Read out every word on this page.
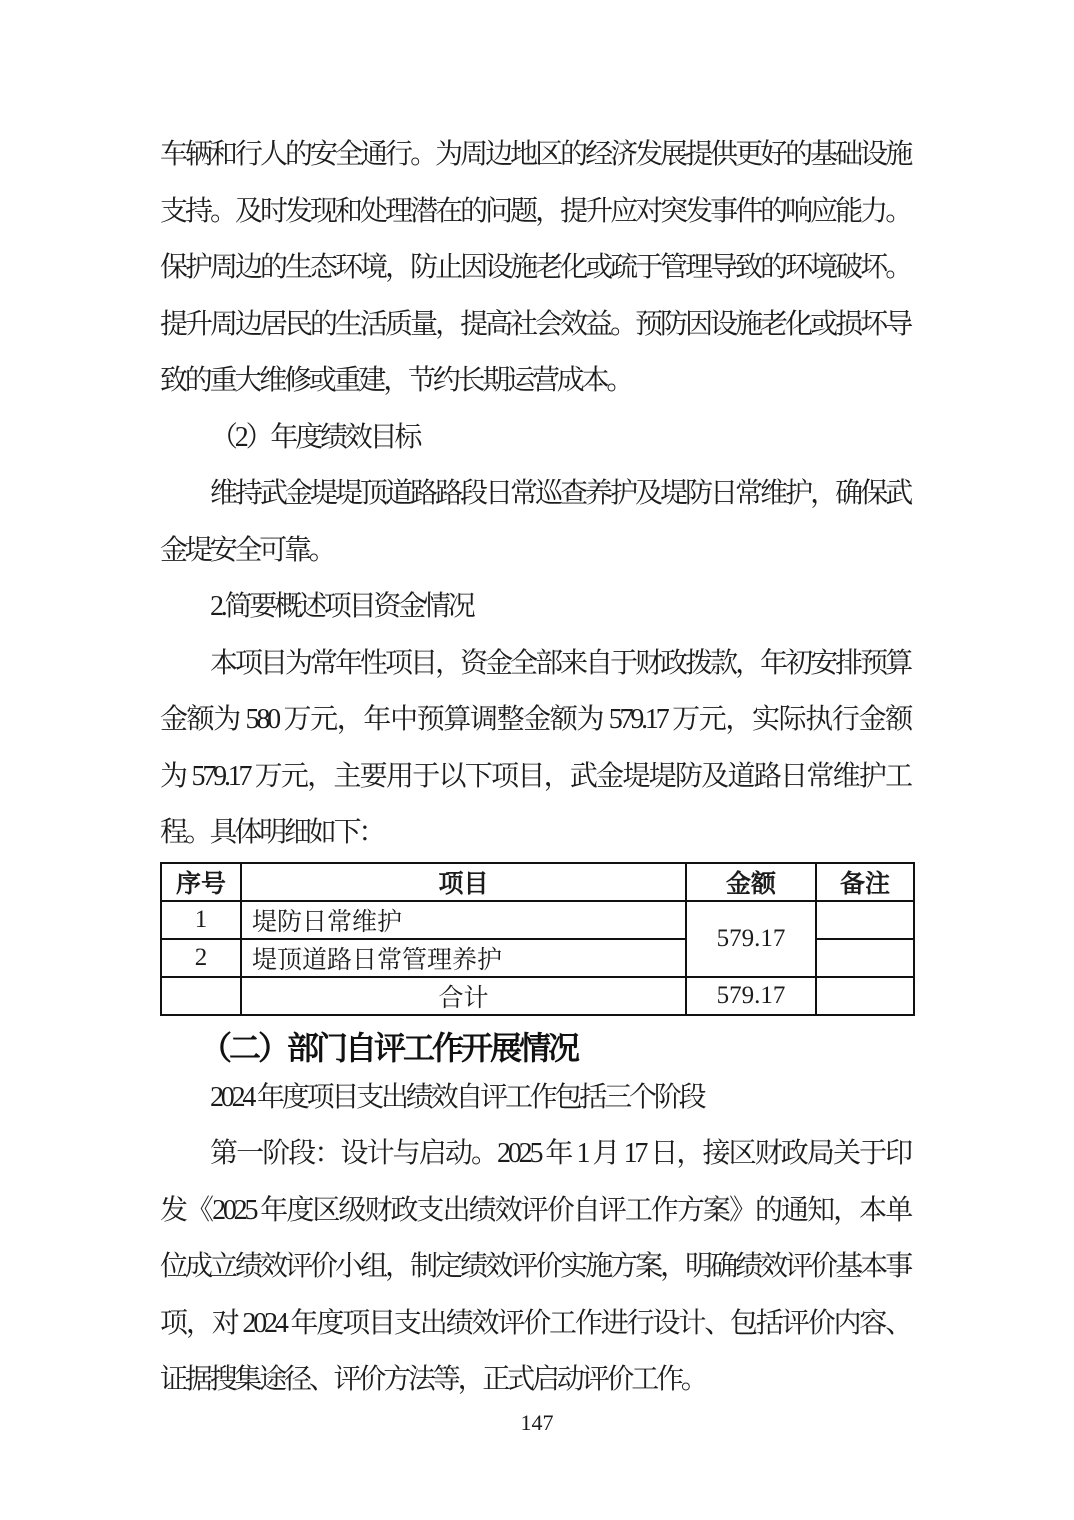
车辆和行人的安全通行。为周边地区的经济发展提供更好的基础设施
支持。及时发现和处理潜在的问题，提升应对突发事件的响应能力。
保护周边的生态环境，防止因设施老化或疏于管理导致的环境破坏。
提升周边居民的生活质量，提高社会效益。预防因设施老化或损坏导
致的重大维修或重建，节约长期运营成本。

（2）年度绩效目标

维持武金堤堤顶道路路段日常巡查养护及堤防日常维护，确保武
金堤安全可靠。

2.简要概述项目资金情况

本项目为常年性项目，资金全部来自于财政拨款，年初安排预算
金额为 580 万元，年中预算调整金额为 579.17 万元，实际执行金额
为 579.17 万元，主要用于以下项目，武金堤堤防及道路日常维护工
程。具体明细如下：

序号	项目	金额	备注
1	堤防日常维护	579.17	
2	堤顶道路日常管理养护		
	合计	579.17	
（二）部门自评工作开展情况

2024 年度项目支出绩效自评工作包括三个阶段

第一阶段：设计与启动。2025 年 1 月 17 日，接区财政局关于印
发《2025 年度区级财政支出绩效评价自评工作方案》的通知，本单
位成立绩效评价小组，制定绩效评价实施方案，明确绩效评价基本事
项，对 2024 年度项目支出绩效评价工作进行设计、包括评价内容、
证据搜集途径、评价方法等，正式启动评价工作。

147
